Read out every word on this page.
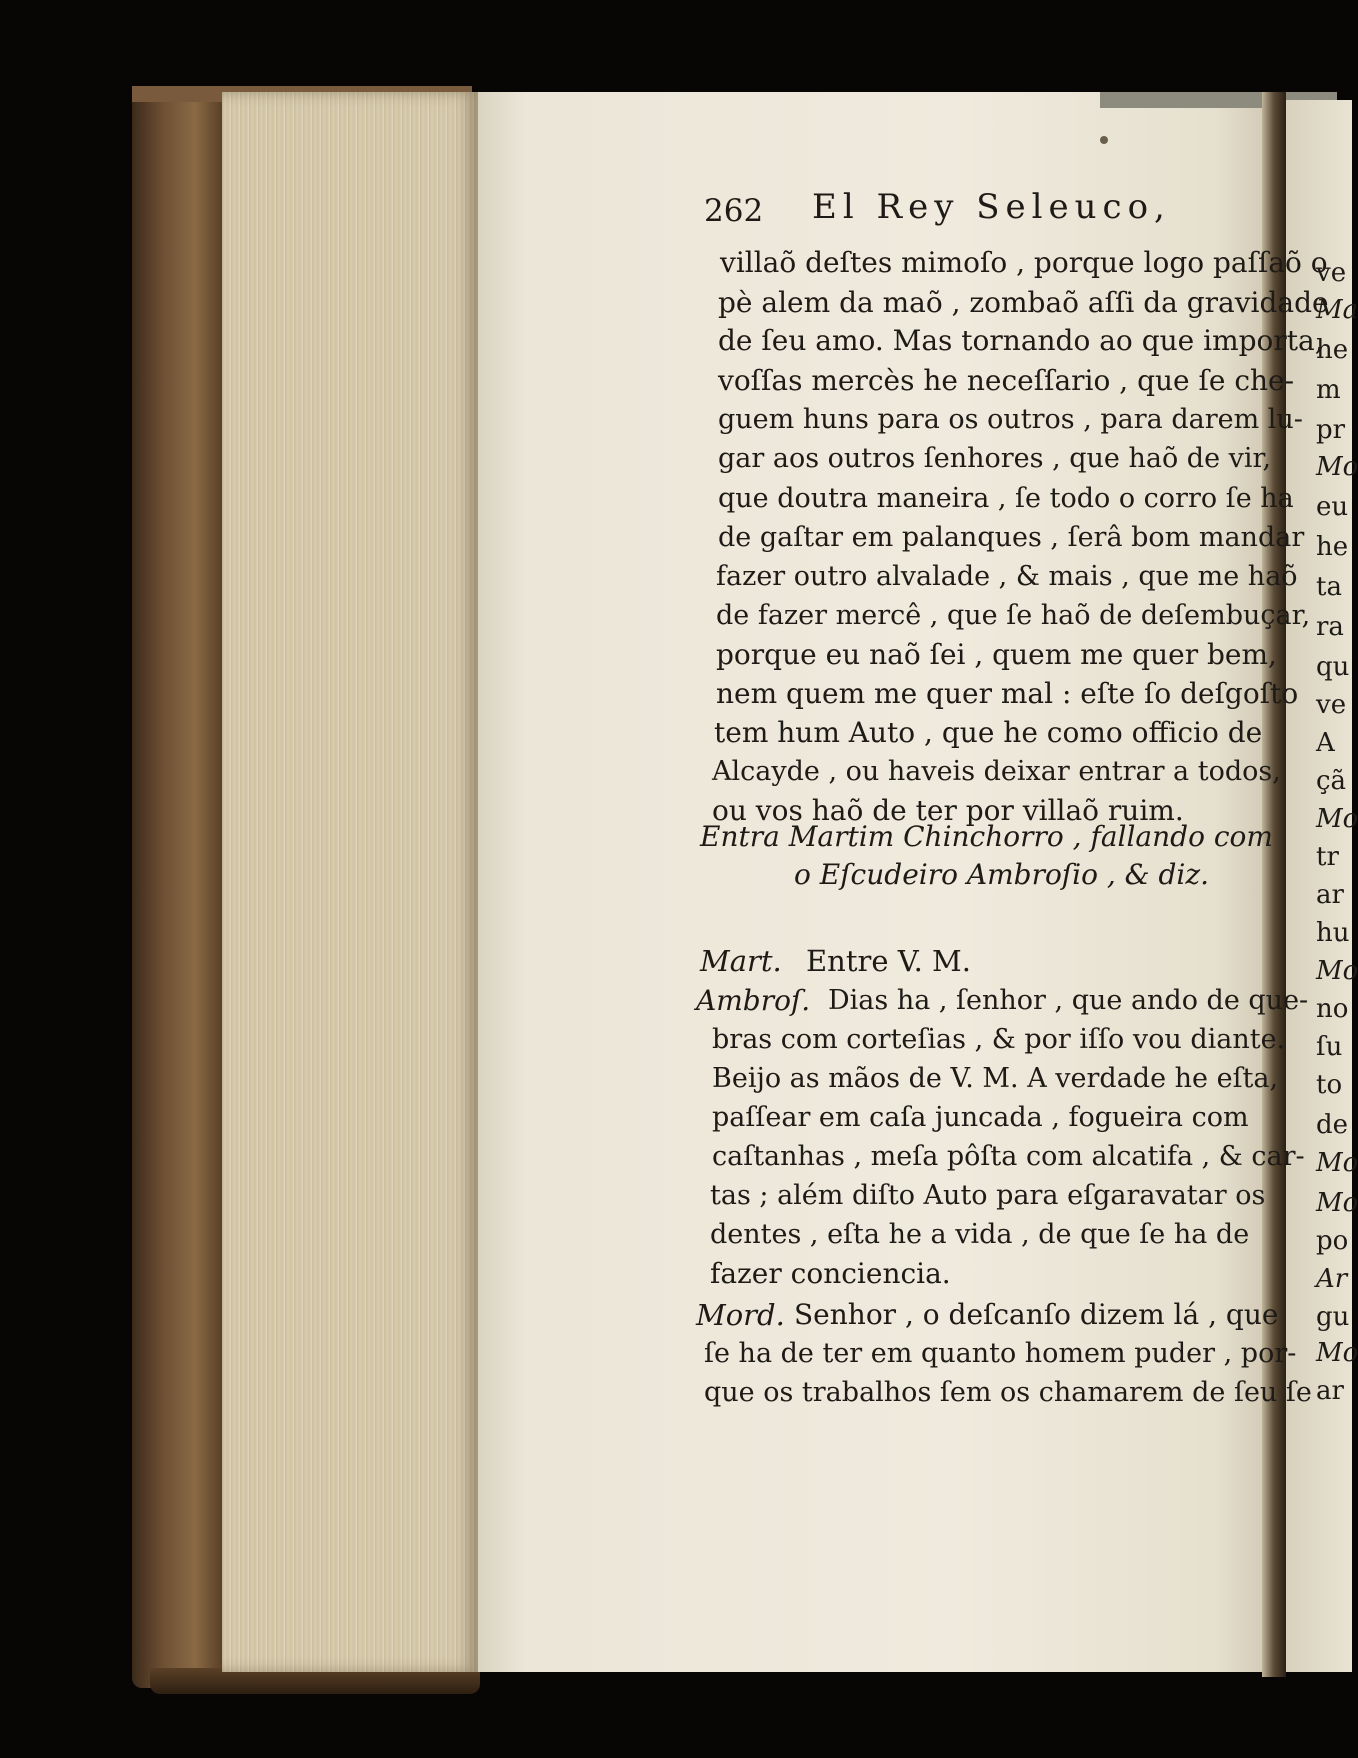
262 El Rey Seleuco,
villaõ deſtes mimoſo , porque logo paſſaõ o
pè alem da maõ , zombaõ aſſi da gravidade
de ſeu amo. Mas tornando ao que importa,
voſſas mercès he neceſſario , que ſe che-
guem huns para os outros , para darem lu-
gar aos outros ſenhores , que haõ de vir,
que doutra maneira , ſe todo o corro ſe ha
de gaſtar em palanques , ſerâ bom mandar
fazer outro alvalade , & mais , que me haõ
de fazer mercê , que ſe haõ de deſembuçar,
porque eu naõ ſei , quem me quer bem,
nem quem me quer mal : eſte ſo deſgoſto
tem hum Auto , que he como officio de
Alcayde , ou haveis deixar entrar a todos,
ou vos haõ de ter por villaõ ruim.
Entra Martim Chinchorro , fallando com
o Eſcudeiro Ambroſio , & diz.
Mart. Entre V. M.
Ambroſ. Dias ha , ſenhor , que ando de que-
bras com corteſias , & por iſſo vou diante.
Beijo as mãos de V. M. A verdade he eſta,
paſſear em caſa juncada , fogueira com
caſtanhas , meſa pôſta com alcatifa , & car-
tas ; além diſto Auto para eſgaravatar os
dentes , eſta he a vida , de que ſe ha de
fazer conciencia.
Mord. Senhor , o deſcanſo dizem lá , que
ſe ha de ter em quanto homem puder , por-
que os trabalhos ſem os chamarem de ſeu ſe
ve
Ma
he
m
pr
Mo
eu
he
ta
ra
qu
ve
A
çã
Mo
tr
ar
hu
Mo
no
ſu
to
de
Mo
Mo
po
Ar
gu
Mo
ar
